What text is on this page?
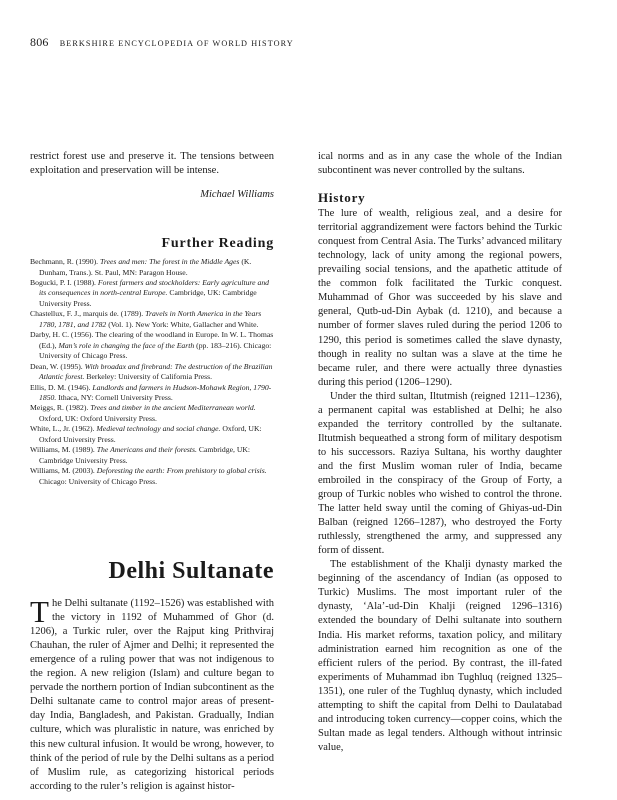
806 BERKSHIRE ENCYCLOPEDIA OF WORLD HISTORY

restrict forest use and preserve it. The tensions between exploitation and preservation will be intense.

Michael Williams
Further Reading
Bechmann, R. (1990). Trees and men: The forest in the Middle Ages (K. Dunham, Trans.). St. Paul, MN: Paragon House.
Bogucki, P. I. (1988). Forest farmers and stockholders: Early agriculture and its consequences in north-central Europe. Cambridge, UK: Cambridge University Press.
Chastellux, F. J., marquis de. (1789). Travels in North America in the Years 1780, 1781, and 1782 (Vol. 1). New York: White, Gallacher and White.
Darby, H. C. (1956). The clearing of the woodland in Europe. In W. L. Thomas (Ed.), Man’s role in changing the face of the Earth (pp. 183–216). Chicago: University of Chicago Press.
Dean, W. (1995). With broadax and firebrand: The destruction of the Brazilian Atlantic forest. Berkeley: University of California Press.
Ellis, D. M. (1946). Landlords and farmers in Hudson-Mohawk Region, 1790-1850. Ithaca, NY: Cornell University Press.
Meiggs, R. (1982). Trees and timber in the ancient Mediterranean world. Oxford, UK: Oxford University Press.
White, L., Jr. (1962). Medieval technology and social change. Oxford, UK: Oxford University Press.
Williams, M. (1989). The Americans and their forests. Cambridge, UK: Cambridge University Press.
Williams, M. (2003). Deforesting the earth: From prehistory to global crisis. Chicago: University of Chicago Press.
Delhi Sultanate

The Delhi sultanate (1192–1526) was established with the victory in 1192 of Muhammed of Ghor (d. 1206), a Turkic ruler, over the Rajput king Prithviraj Chauhan, the ruler of Ajmer and Delhi; it represented the emergence of a ruling power that was not indigenous to the region. A new religion (Islam) and culture began to pervade the northern portion of Indian subcontinent as the Delhi sultanate came to control major areas of present-day India, Bangladesh, and Pakistan. Gradually, Indian culture, which was pluralistic in nature, was enriched by this new cultural infusion. It would be wrong, however, to think of the period of rule by the Delhi sultans as a period of Muslim rule, as categorizing historical periods according to the ruler’s religion is against histor-

ical norms and as in any case the whole of the Indian subcontinent was never controlled by the sultans.

History

The lure of wealth, religious zeal, and a desire for territorial aggrandizement were factors behind the Turkic conquest from Central Asia. The Turks’ advanced military technology, lack of unity among the regional powers, prevailing social tensions, and the apathetic attitude of the common folk facilitated the Turkic conquest. Muhammad of Ghor was succeeded by his slave and general, Qutb-ud-Din Aybak (d. 1210), and because a number of former slaves ruled during the period 1206 to 1290, this period is sometimes called the slave dynasty, though in reality no sultan was a slave at the time he became ruler, and there were actually three dynasties during this period (1206–1290).

Under the third sultan, Iltutmish (reigned 1211–1236), a permanent capital was established at Delhi; he also expanded the territory controlled by the sultanate. Iltutmish bequeathed a strong form of military despotism to his successors. Raziya Sultana, his worthy daughter and the first Muslim woman ruler of India, became embroiled in the conspiracy of the Group of Forty, a group of Turkic nobles who wished to control the throne. The latter held sway until the coming of Ghiyas-ud-Din Balban (reigned 1266–1287), who destroyed the Forty ruthlessly, strengthened the army, and suppressed any form of dissent.

The establishment of the Khalji dynasty marked the beginning of the ascendancy of Indian (as opposed to Turkic) Muslims. The most important ruler of the dynasty, ‘Ala’-ud-Din Khalji (reigned 1296–1316) extended the boundary of Delhi sultanate into southern India. His market reforms, taxation policy, and military administration earned him recognition as one of the efficient rulers of the period. By contrast, the ill-fated experiments of Muhammad ibn Tughluq (reigned 1325–1351), one ruler of the Tughluq dynasty, which included attempting to shift the capital from Delhi to Daulatabad and introducing token currency—copper coins, which the Sultan made as legal tenders. Although without intrinsic value,
